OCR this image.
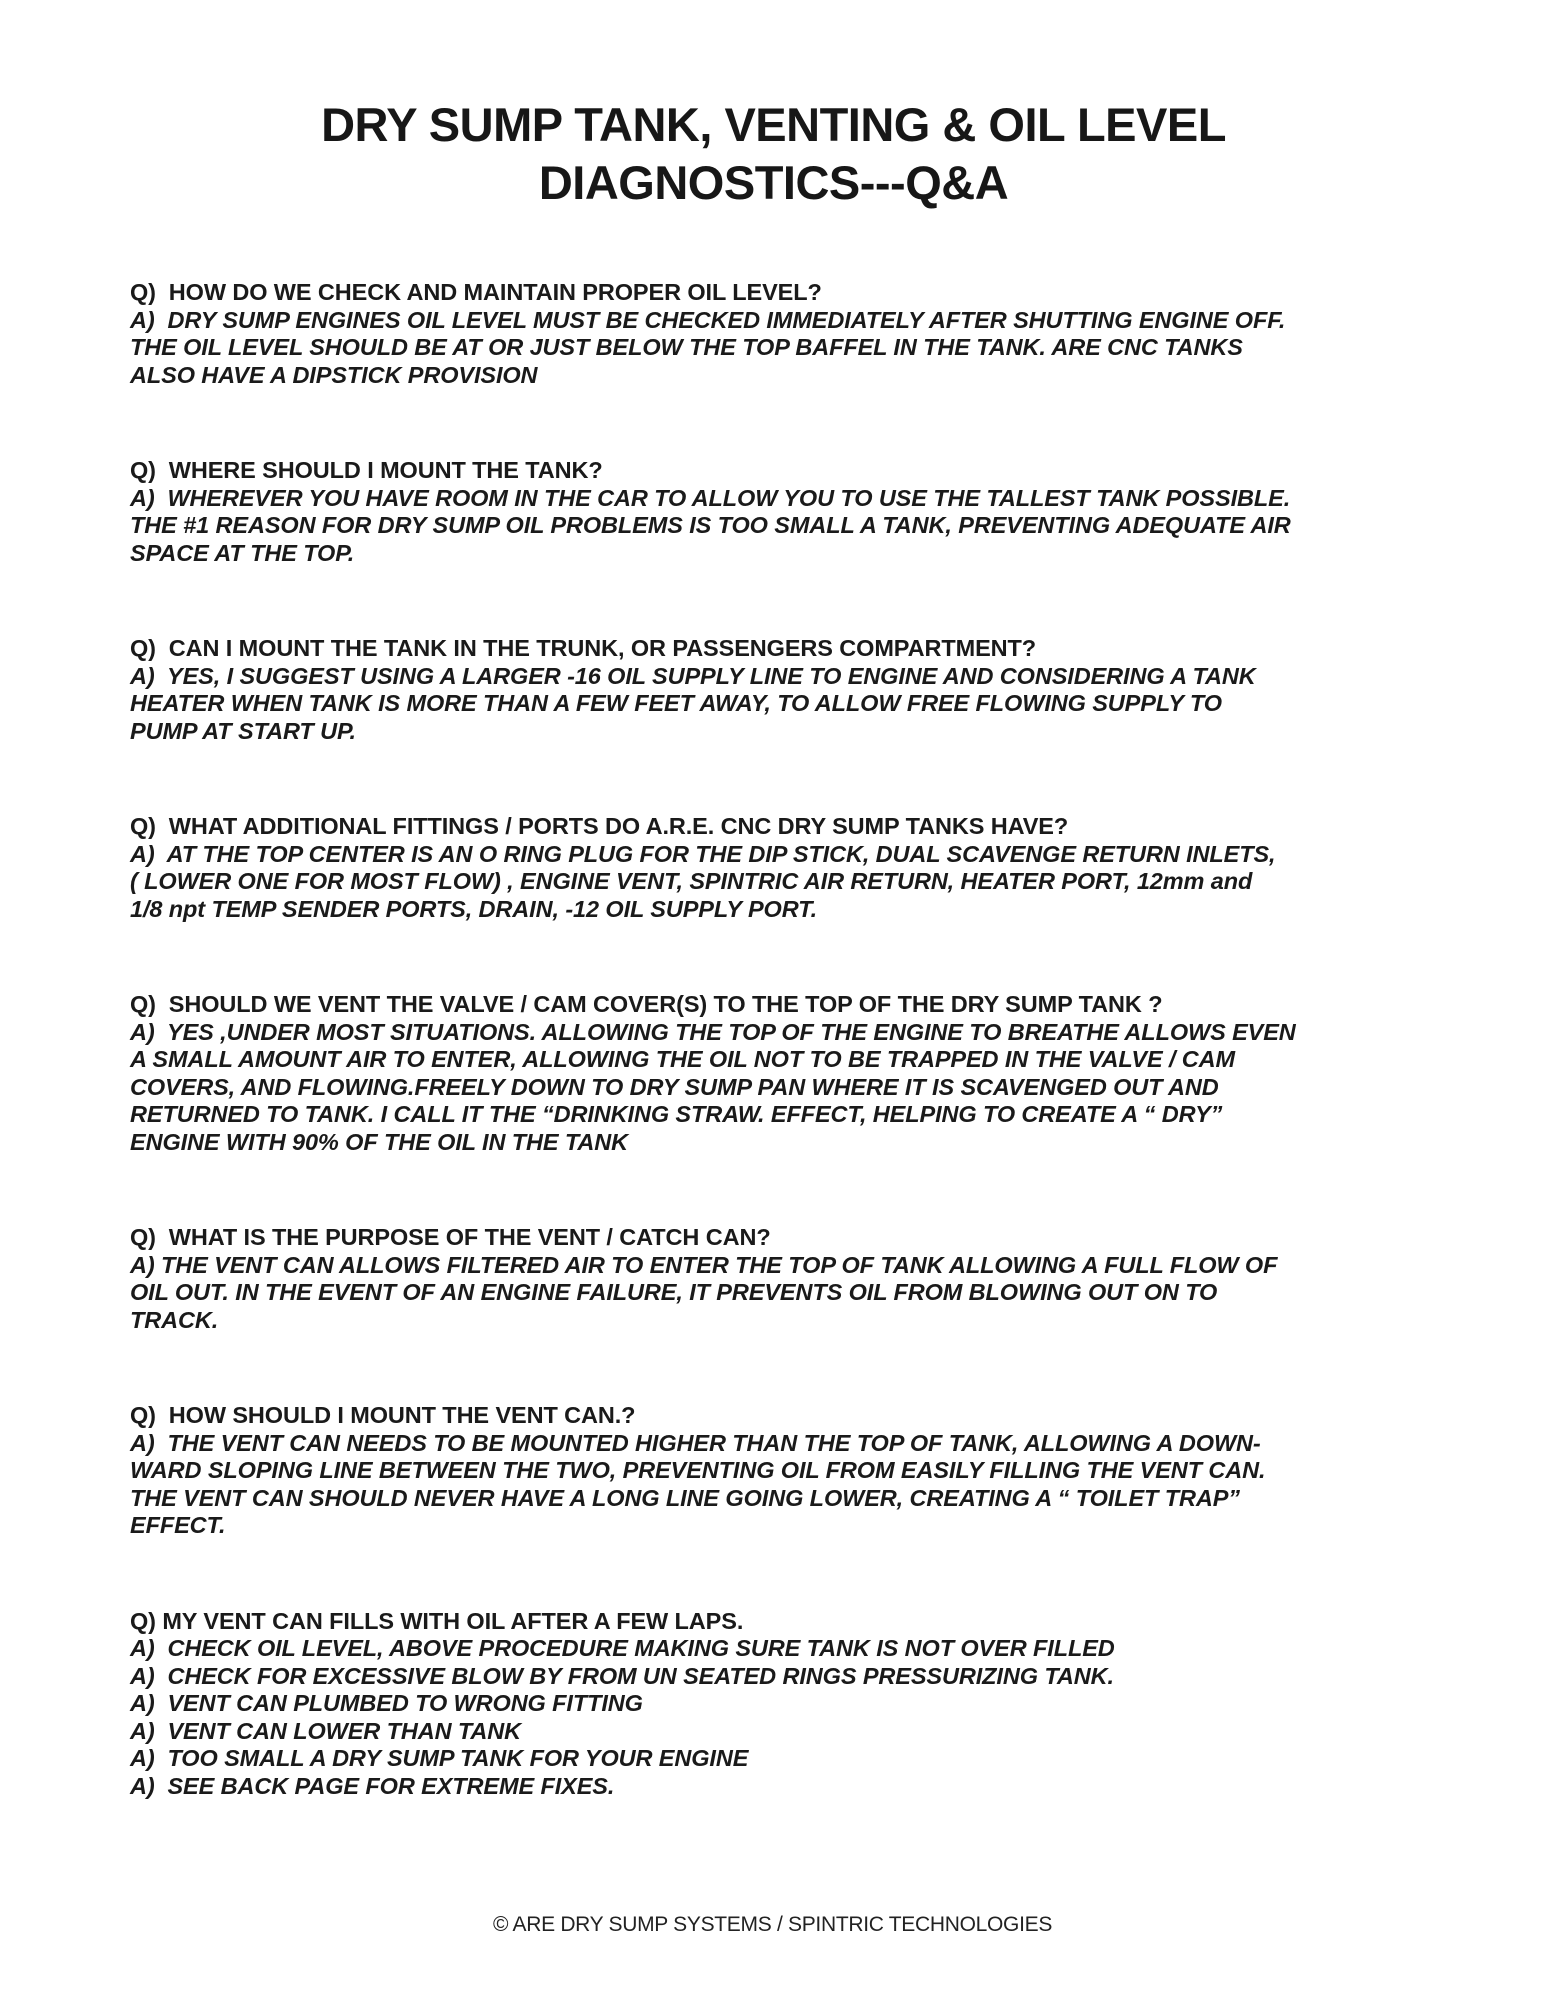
DRY SUMP TANK, VENTING & OIL LEVEL
DIAGNOSTICS---Q&A
Q)  HOW DO WE CHECK AND MAINTAIN PROPER OIL LEVEL?
A)  DRY SUMP ENGINES OIL LEVEL MUST BE CHECKED IMMEDIATELY AFTER SHUTTING ENGINE OFF.
THE OIL LEVEL SHOULD BE AT OR JUST BELOW THE TOP BAFFEL IN THE TANK. ARE CNC TANKS
ALSO HAVE A DIPSTICK PROVISION
Q)  WHERE SHOULD I MOUNT THE TANK?
A)  WHEREVER YOU HAVE ROOM IN THE CAR TO ALLOW YOU TO USE THE TALLEST TANK POSSIBLE.
THE #1 REASON FOR DRY SUMP OIL PROBLEMS IS TOO SMALL A TANK, PREVENTING ADEQUATE AIR
SPACE AT THE TOP.
Q)  CAN I MOUNT THE TANK IN THE TRUNK, OR PASSENGERS COMPARTMENT?
A)  YES, I SUGGEST USING A LARGER -16 OIL SUPPLY LINE TO ENGINE AND CONSIDERING A TANK
HEATER WHEN TANK IS MORE THAN A FEW FEET AWAY, TO ALLOW FREE FLOWING SUPPLY TO
PUMP AT START UP.
Q)  WHAT ADDITIONAL FITTINGS / PORTS DO A.R.E. CNC DRY SUMP TANKS HAVE?
A)  AT THE TOP CENTER IS AN O RING PLUG FOR THE DIP STICK, DUAL SCAVENGE RETURN INLETS,
( LOWER ONE FOR MOST FLOW) , ENGINE VENT, SPINTRIC AIR RETURN, HEATER PORT, 12mm and
1/8 npt TEMP SENDER PORTS, DRAIN, -12 OIL SUPPLY PORT.
Q)  SHOULD WE VENT THE VALVE / CAM COVER(S) TO THE TOP OF THE DRY SUMP TANK ?
A)  YES ,UNDER MOST SITUATIONS. ALLOWING THE TOP OF THE ENGINE TO BREATHE ALLOWS EVEN
A SMALL AMOUNT AIR TO ENTER, ALLOWING THE OIL NOT TO BE TRAPPED IN THE VALVE / CAM
COVERS, AND FLOWING.FREELY DOWN TO DRY SUMP PAN WHERE IT IS SCAVENGED OUT AND
RETURNED TO TANK. I CALL IT THE “DRINKING STRAW. EFFECT, HELPING TO CREATE A “ DRY”
ENGINE WITH 90% OF THE OIL IN THE TANK
Q)  WHAT IS THE PURPOSE OF THE VENT / CATCH CAN?
A) THE VENT CAN ALLOWS FILTERED AIR TO ENTER THE TOP OF TANK ALLOWING A FULL FLOW OF
OIL OUT. IN THE EVENT OF AN ENGINE FAILURE, IT PREVENTS OIL FROM BLOWING OUT ON TO
TRACK.
Q)  HOW SHOULD I MOUNT THE VENT CAN.?
A)  THE VENT CAN NEEDS TO BE MOUNTED HIGHER THAN THE TOP OF TANK, ALLOWING A DOWN-
WARD SLOPING LINE BETWEEN THE TWO, PREVENTING OIL FROM EASILY FILLING THE VENT CAN.
THE VENT CAN SHOULD NEVER HAVE A LONG LINE GOING LOWER, CREATING A “ TOILET TRAP”
EFFECT.
Q) MY VENT CAN FILLS WITH OIL AFTER A FEW LAPS.
A)  CHECK OIL LEVEL, ABOVE PROCEDURE MAKING SURE TANK IS NOT OVER FILLED
A)  CHECK FOR EXCESSIVE BLOW BY FROM UN SEATED RINGS PRESSURIZING TANK.
A)  VENT CAN PLUMBED TO WRONG FITTING
A)  VENT CAN LOWER THAN TANK
A)  TOO SMALL A DRY SUMP TANK FOR YOUR ENGINE
A)  SEE BACK PAGE FOR EXTREME FIXES.
© ARE DRY SUMP SYSTEMS / SPINTRIC TECHNOLOGIES
